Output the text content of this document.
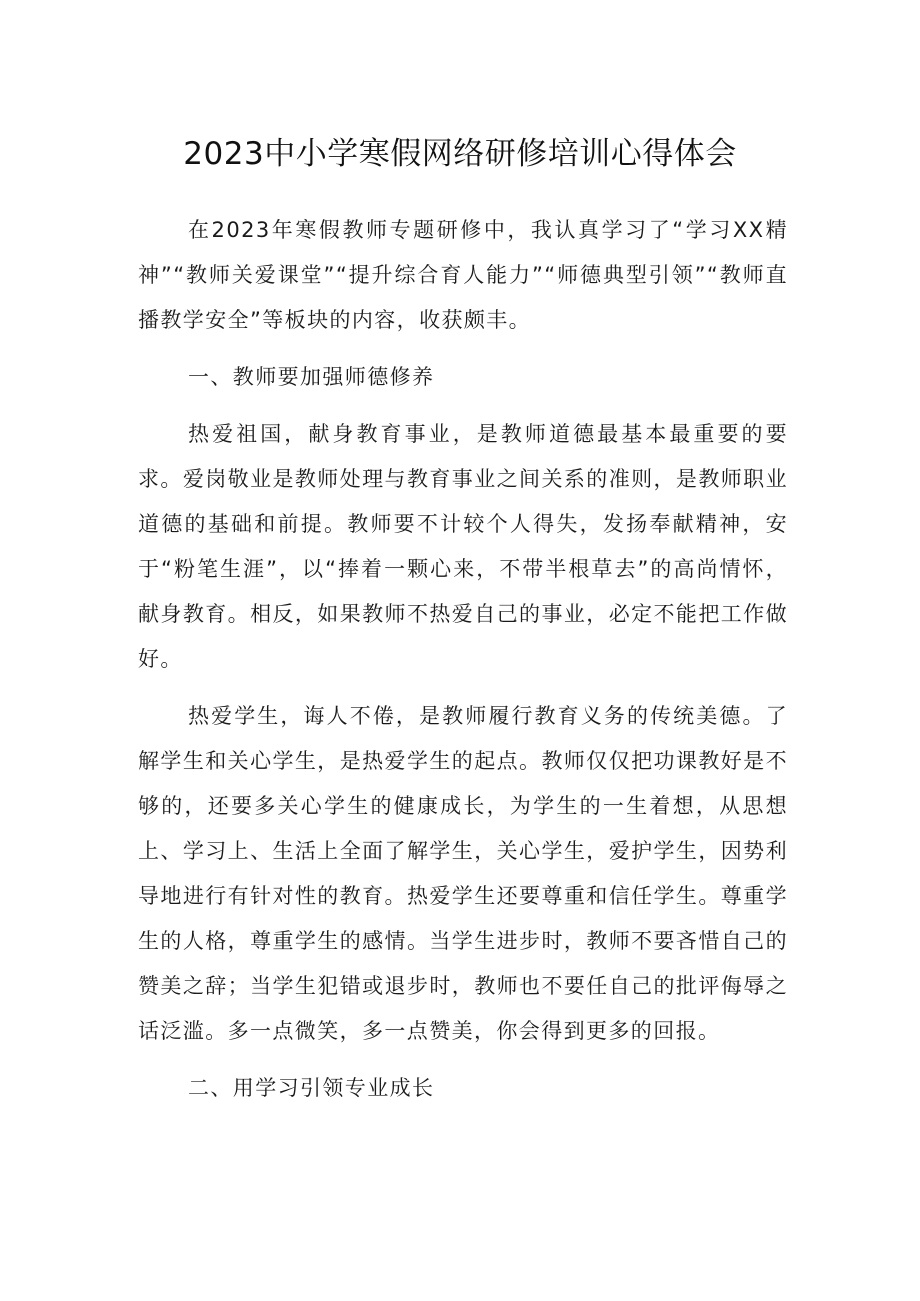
2023中小学寒假网络研修培训心得体会

在2023年寒假教师专题研修中，我认真学习了“学习XX精神”“教师关爱课堂”“提升综合育人能力”“师德典型引领”“教师直播教学安全”等板块的内容，收获颇丰。

一、教师要加强师德修养

热爱祖国，献身教育事业，是教师道德最基本最重要的要求。爱岗敬业是教师处理与教育事业之间关系的准则，是教师职业道德的基础和前提。教师要不计较个人得失，发扬奉献精神，安于“粉笔生涯”，以“捧着一颗心来，不带半根草去”的高尚情怀，献身教育。相反，如果教师不热爱自己的事业，必定不能把工作做好。

热爱学生，诲人不倦，是教师履行教育义务的传统美德。了解学生和关心学生，是热爱学生的起点。教师仅仅把功课教好是不够的，还要多关心学生的健康成长，为学生的一生着想，从思想上、学习上、生活上全面了解学生，关心学生，爱护学生，因势利导地进行有针对性的教育。热爱学生还要尊重和信任学生。尊重学生的人格，尊重学生的感情。当学生进步时，教师不要吝惜自己的赞美之辞；当学生犯错或退步时，教师也不要任自己的批评侮辱之话泛滥。多一点微笑，多一点赞美，你会得到更多的回报。

二、用学习引领专业成长
